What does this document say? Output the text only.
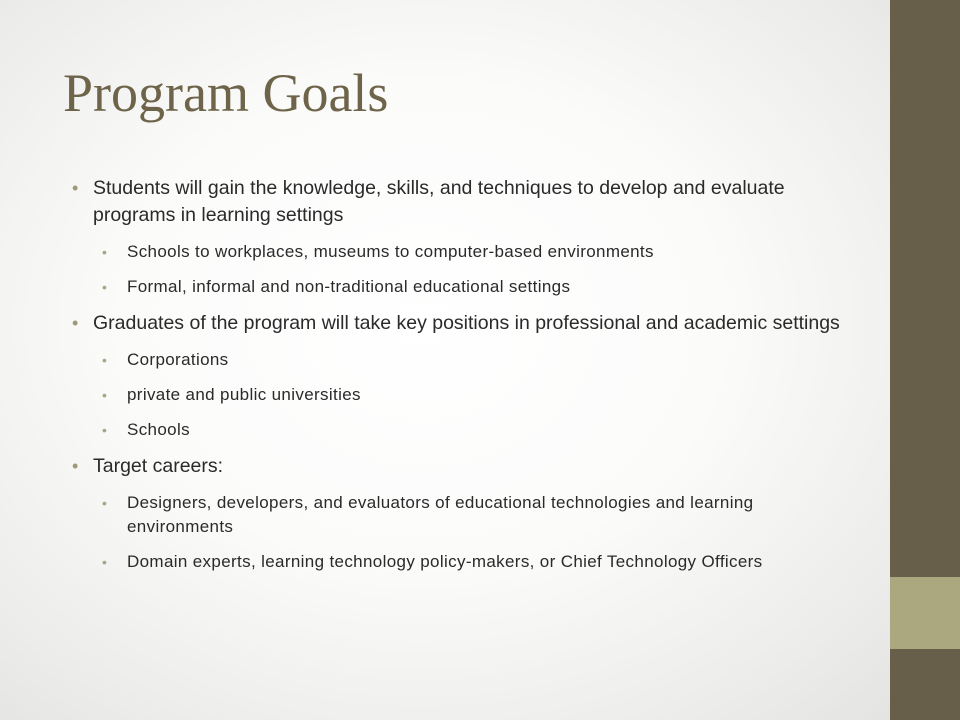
Program Goals
• Students will gain the knowledge, skills, and techniques to develop and evaluate programs in learning settings
• Schools to workplaces, museums to computer-based environments
• Formal, informal and non-traditional educational settings
• Graduates of the program will take key positions in professional and academic settings
• Corporations
• private and public universities
• Schools
• Target careers:
• Designers, developers, and evaluators of educational technologies and learning environments
• Domain experts, learning technology policy-makers, or Chief Technology Officers
